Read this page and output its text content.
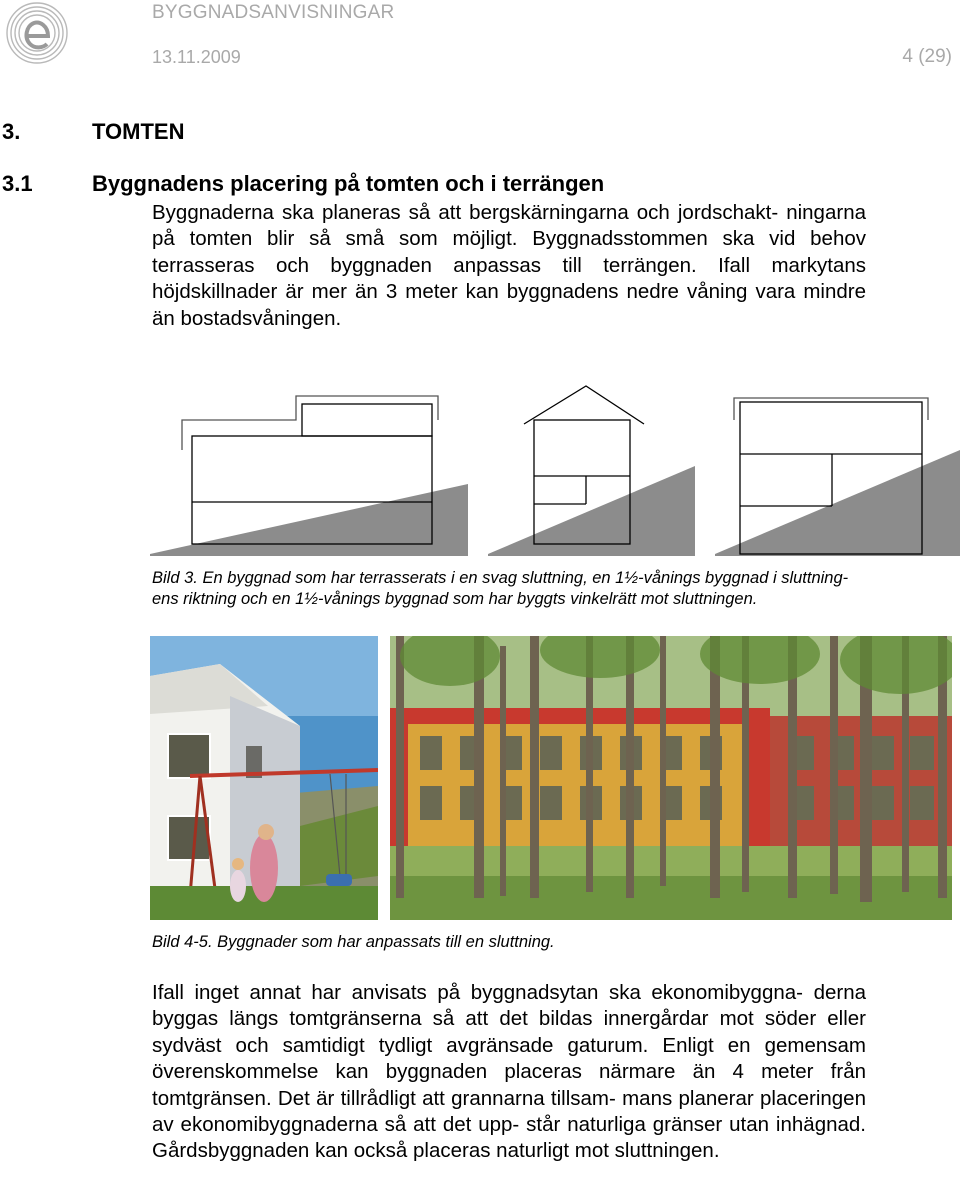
BYGGNADSANVISNINGAR
13.11.2009	4 (29)
3.	TOMTEN
3.1	Byggnadens placering på tomten och i terrängen

Byggnaderna ska planeras så att bergskärningarna och jordschakt- ningarna på tomten blir så små som möjligt. Byggnadsstommen ska vid behov terrasseras och byggnaden anpassas till terrängen. Ifall markytans höjdskillnader är mer än 3 meter kan byggnadens nedre våning vara mindre än bostadsvåningen.

Bild 3. En byggnad som har terrasserats i en svag sluttning, en 1½-vånings byggnad i sluttning-
ens riktning och en 1½-vånings byggnad som har byggts vinkelrätt mot sluttningen.

Bild 4-5. Byggnader som har anpassats till en sluttning.

Ifall inget annat har anvisats på byggnadsytan ska ekonomibyggna- derna byggas längs tomtgränserna så att det bildas innergårdar mot söder eller sydväst och samtidigt tydligt avgränsade gaturum. Enligt en gemensam överenskommelse kan byggnaden placeras närmare än 4 meter från tomtgränsen. Det är tillrådligt att grannarna tillsam- mans planerar placeringen av ekonomibyggnaderna så att det upp- står naturliga gränser utan inhägnad. Gårdsbyggnaden kan också placeras naturligt mot sluttningen.
